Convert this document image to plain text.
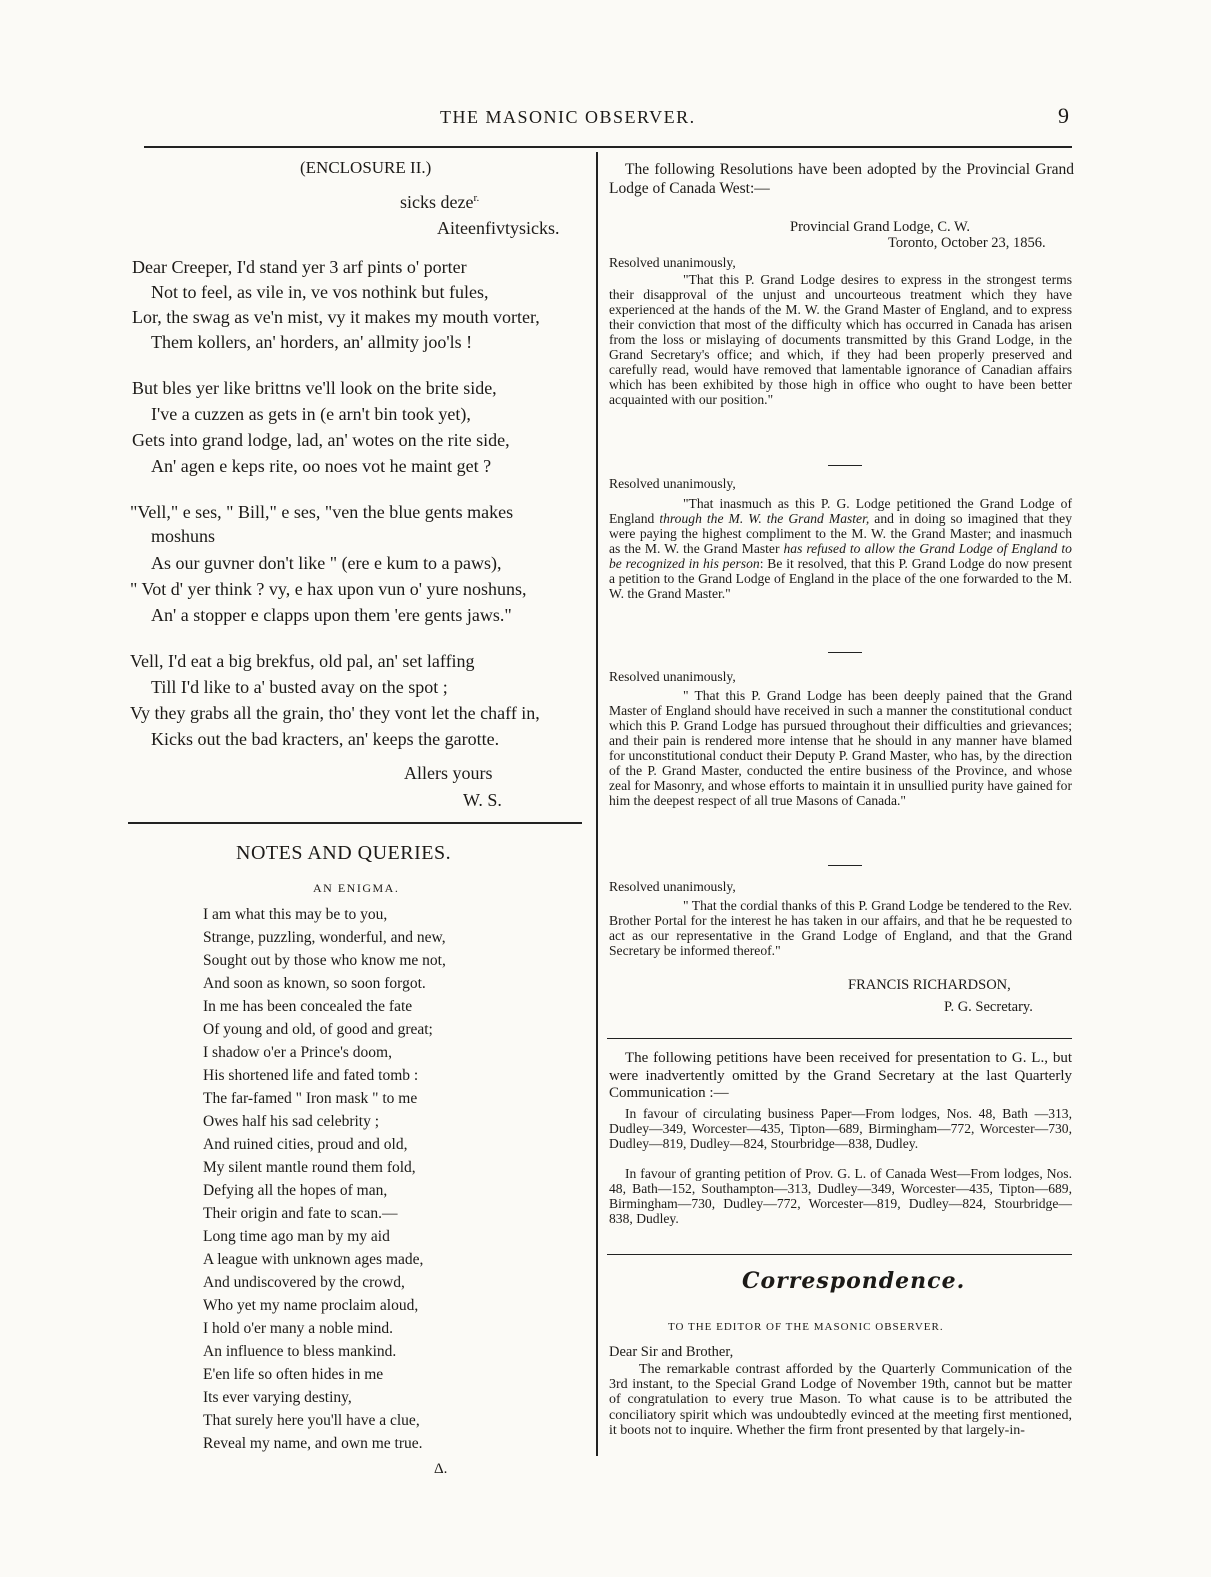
THE MASONIC OBSERVER.	9
(ENCLOSURE II.)
sicks deze$^{r.}$
Aiteenfivtysicks.
Dear Creeper, I'd stand yer 3 arf pints o' porter
Not to feel, as vile in, ve vos nothink but fules,
Lor, the swag as ve'n mist, vy it makes my mouth vorter,
Them kollers, an' horders, an' allmity joo'ls !
But bles yer like brittns ve'll look on the brite side,
I've a cuzzen as gets in (e arn't bin took yet),
Gets into grand lodge, lad, an' wotes on the rite side,
An' agen e keps rite, oo noes vot he maint get ?
"Vell," e ses, " Bill," e ses, "ven the blue gents makes
moshuns
As our guvner don't like " (ere e kum to a paws),
" Vot d' yer think ? vy, e hax upon vun o' yure noshuns,
An' a stopper e clapps upon them 'ere gents jaws."
Vell, I'd eat a big brekfus, old pal, an' set laffing
Till I'd like to a' busted avay on the spot ;
Vy they grabs all the grain, tho' they vont let the chaff in,
Kicks out the bad kracters, an' keeps the garotte.
Allers yours
W. S.
NOTES AND QUERIES.
AN ENIGMA.
I am what this may be to you,
Strange, puzzling, wonderful, and new,
Sought out by those who know me not,
And soon as known, so soon forgot.
In me has been concealed the fate
Of young and old, of good and great;
I shadow o'er a Prince's doom,
His shortened life and fated tomb :
The far-famed " Iron mask " to me
Owes half his sad celebrity ;
And ruined cities, proud and old,
My silent mantle round them fold,
Defying all the hopes of man,
Their origin and fate to scan.—
Long time ago man by my aid
A league with unknown ages made,
And undiscovered by the crowd,
Who yet my name proclaim aloud,
I hold o'er many a noble mind.
An influence to bless mankind.
E'en life so often hides in me
Its ever varying destiny,
That surely here you'll have a clue,
Reveal my name, and own me true.
Δ.
The following Resolutions have been adopted by the Provincial Grand Lodge of Canada West:—
Provincial Grand Lodge, C. W.
Toronto, October 23, 1856.
Resolved unanimously,
"That this P. Grand Lodge desires to express in the strongest terms their disapproval of the unjust and uncourteous treatment which they have experienced at the hands of the M. W. the Grand Master of England, and to express their conviction that most of the difficulty which has occurred in Canada has arisen from the loss or mislaying of documents transmitted by this Grand Lodge, in the Grand Secretary's office; and which, if they had been properly preserved and carefully read, would have removed that lamentable ignorance of Canadian affairs which has been exhibited by those high in office who ought to have been better acquainted with our position."
Resolved unanimously,
"That inasmuch as this P. G. Lodge petitioned the Grand Lodge of England through the M. W. the Grand Master, and in doing so imagined that they were paying the highest compliment to the M. W. the Grand Master; and inasmuch as the M. W. the Grand Master has refused to allow the Grand Lodge of England to be recognized in his person: Be it resolved, that this P. Grand Lodge do now present a petition to the Grand Lodge of England in the place of the one forwarded to the M. W. the Grand Master."
Resolved unanimously,
" That this P. Grand Lodge has been deeply pained that the Grand Master of England should have received in such a manner the constitutional conduct which this P. Grand Lodge has pursued throughout their difficulties and grievances; and their pain is rendered more intense that he should in any manner have blamed for unconstitutional conduct their Deputy P. Grand Master, who has, by the direction of the P. Grand Master, conducted the entire business of the Province, and whose zeal for Masonry, and whose efforts to maintain it in unsullied purity have gained for him the deepest respect of all true Masons of Canada."
Resolved unanimously,
" That the cordial thanks of this P. Grand Lodge be tendered to the Rev. Brother Portal for the interest he has taken in our affairs, and that he be requested to act as our representative in the Grand Lodge of England, and that the Grand Secretary be informed thereof."
FRANCIS RICHARDSON,
P. G. Secretary.
The following petitions have been received for presentation to G. L., but were inadvertently omitted by the Grand Secretary at the last Quarterly Communication :—
In favour of circulating business Paper—From lodges, Nos. 48, Bath —313, Dudley—349, Worcester—435, Tipton—689, Birmingham—772, Worcester—730, Dudley—819, Dudley—824, Stourbridge—838, Dudley.
In favour of granting petition of Prov. G. L. of Canada West—From lodges, Nos. 48, Bath—152, Southampton—313, Dudley—349, Worcester—435, Tipton—689, Birmingham—730, Dudley—772, Worcester—819, Dudley—824, Stourbridge—838, Dudley.
Correspondence.
TO THE EDITOR OF THE MASONIC OBSERVER.
Dear Sir and Brother,
The remarkable contrast afforded by the Quarterly Communication of the 3rd instant, to the Special Grand Lodge of November 19th, cannot but be matter of congratulation to every true Mason. To what cause is to be attributed the conciliatory spirit which was undoubtedly evinced at the meeting first mentioned, it boots not to inquire. Whether the firm front presented by that largely-in-
